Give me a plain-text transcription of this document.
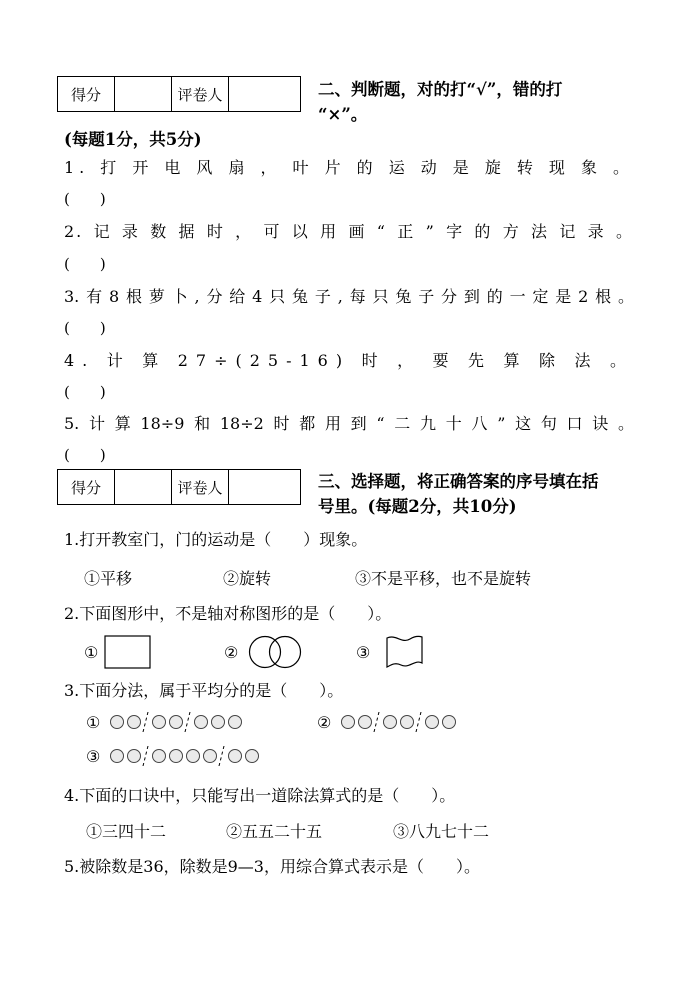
得分	评卷人	二、判断题，对的打“√”，错的打
“×”。
(每题1分，共5分)
1.打开电风扇，叶片的运动是旋转现象。
(　　)
2.记录数据时，可以用画“正”字的方法记录。
(　　)
3.有8根萝卜,分给4只兔子,每只兔子分到的一定是2根。
(　　)
4.计算27÷(25-16)时，要先算除法。
(　　)
5.计算18÷9和18÷2时都用到“二九十八”这句口诀。
(　　)
得分	评卷人	三、选择题，将正确答案的序号填在括
号里。(每题2分，共10分)
1.打开教室门，门的运动是（　　）现象。
①平移	②旋转	③不是平移，也不是旋转
2.下面图形中，不是轴对称图形的是（　　）。
①	②	③
3.下面分法，属于平均分的是（　　）。
①	②
③
4.下面的口诀中，只能写出一道除法算式的是（　　）。
①三四十二	②五五二十五	③八九七十二
5.被除数是36，除数是9—3，用综合算式表示是（　　）。
